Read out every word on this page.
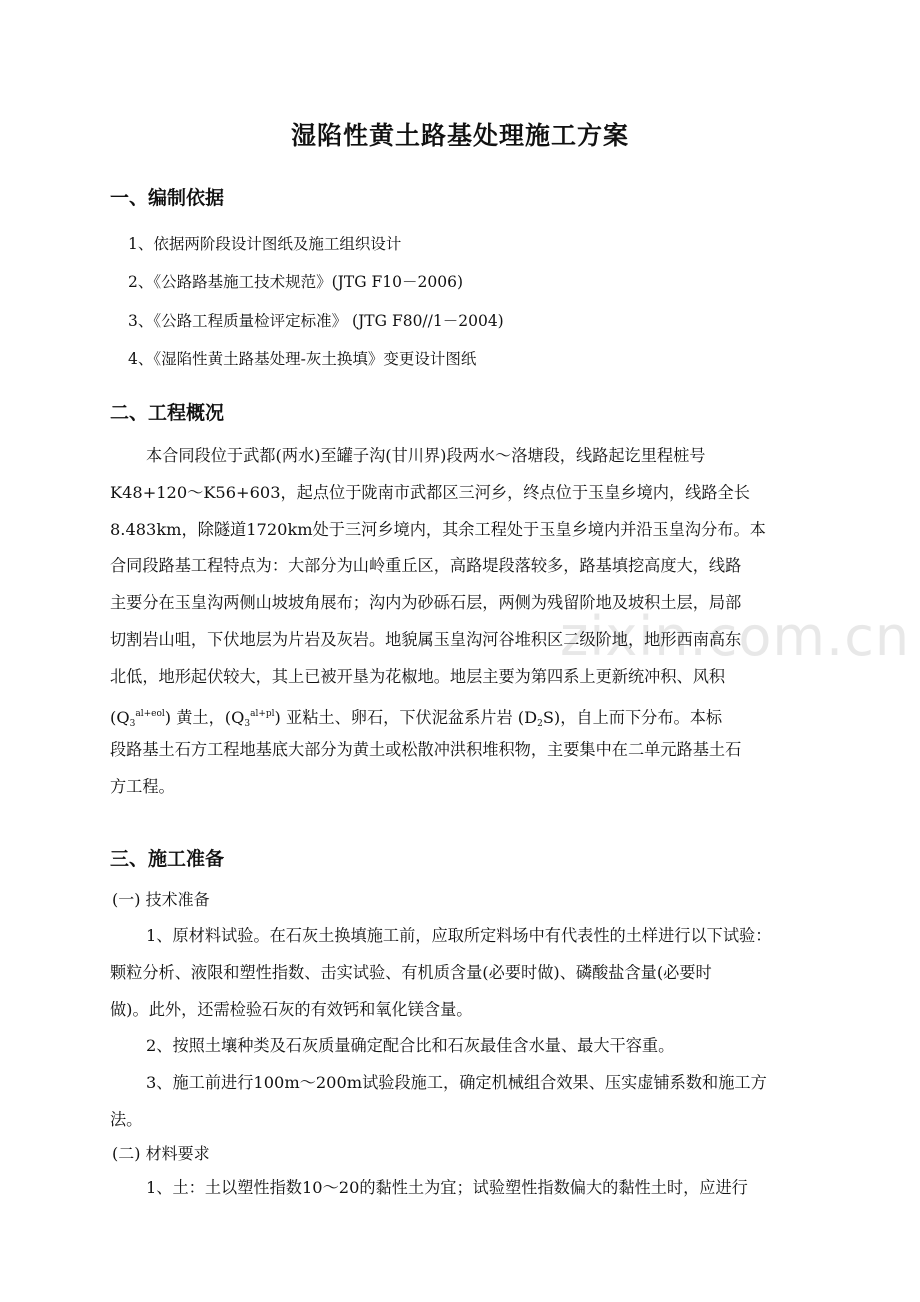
zixin.com.cn
湿陷性黄土路基处理施工方案
一、编制依据
1、依据两阶段设计图纸及施工组织设计
2、《公路路基施工技术规范》(JTG F10－2006)
3、《公路工程质量检评定标准》 (JTG F80//1－2004)
4、《湿陷性黄土路基处理-灰土换填》变更设计图纸
二、工程概况
本合同段位于武都(两水)至罐子沟(甘川界)段两水～洛塘段，线路起讫里程桩号
K48+120～K56+603，起点位于陇南市武都区三河乡，终点位于玉皇乡境内，线路全长
8.483km，除隧道1720km处于三河乡境内，其余工程处于玉皇乡境内并沿玉皇沟分布。本
合同段路基工程特点为：大部分为山岭重丘区，高路堤段落较多，路基填挖高度大，线路
主要分在玉皇沟两侧山坡坡角展布；沟内为砂砾石层，两侧为残留阶地及坡积土层，局部
切割岩山咀，下伏地层为片岩及灰岩。地貌属玉皇沟河谷堆积区二级阶地，地形西南高东
北低，地形起伏较大，其上已被开垦为花椒地。地层主要为第四系上更新统冲积、风积
$(Q3^{al+eol})$ 黄土，$(Q3^{al+pl})$ 亚粘土、卵石，下伏泥盆系片岩 (D2S)，自上而下分布。本标
段路基土石方工程地基底大部分为黄土或松散冲洪积堆积物，主要集中在二单元路基土石
方工程。
三、施工准备
(一) 技术准备
1、原材料试验。在石灰土换填施工前，应取所定料场中有代表性的土样进行以下试验：
颗粒分析、液限和塑性指数、击实试验、有机质含量(必要时做)、磷酸盐含量(必要时
做)。此外，还需检验石灰的有效钙和氧化镁含量。
2、按照土壤种类及石灰质量确定配合比和石灰最佳含水量、最大干容重。
3、施工前进行100m～200m试验段施工，确定机械组合效果、压实虚铺系数和施工方
法。
(二) 材料要求
1、土：土以塑性指数10～20的黏性土为宜；试验塑性指数偏大的黏性土时，应进行
